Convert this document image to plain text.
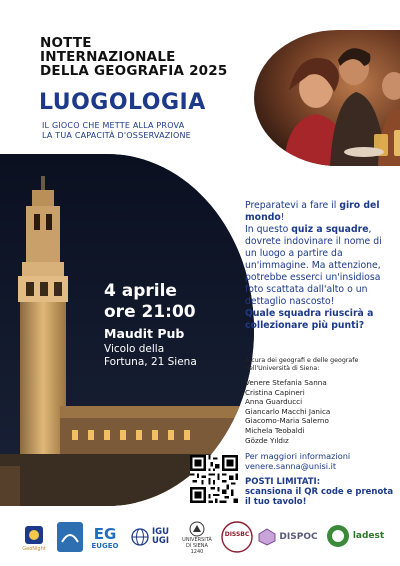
NOTTE
INTERNAZIONALE
DELLA GEOGRAFIA 2025
LUOGOLOGIA
IL GIOCO CHE METTE ALLA PROVA
LA TUA CAPACITÀ D'OSSERVAZIONE
4 aprile
ore 21:00
Maudit Pub
Vicolo della
Fortuna, 21 Siena
Preparatevi a fare il giro del mondo!
In questo quiz a squadre, dovrete indovinare il nome di un luogo a partire da un'immagine. Ma attenzione, potrebbe esserci un'insidiosa foto scattata dall'alto o un dettaglio nascosto!
Quale squadra riuscirà a collezionare più punti?
A cura dei geografi e delle geografe dell'Università di Siena:
Venere Stefania Sanna
Cristina Capineri
Anna Guarducci
Giancarlo Macchi Janica
Giacomo-Maria Salerno
Michela Teobaldi
Gözde Yıldız
Per maggiori informazioni
venere.sanna@unisi.it
POSTI LIMITATI:
scansiona il QR code e prenota il tuo tavolo!
GeoNight
EG
EUGEO
IGU
UGI	UNIVERSITÀ
DI SIENA
1240
DISSBC	DISPOC	ladest
